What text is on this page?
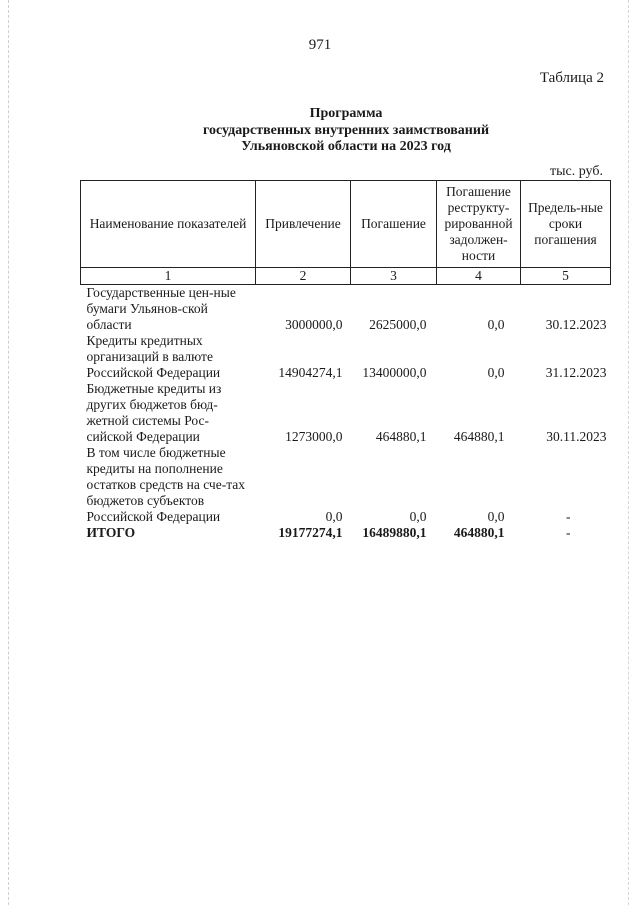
971
Таблица 2
Программа
государственных внутренних заимствований
Ульяновской области на 2023 год
тыс. руб.
Наименование показателей	Привлечение	Погашение	Погашение реструкту-рированной задолжен-ности	Предель-ные сроки погашения
1	2	3	4	5
Государственные цен-ные бумаги Ульянов-ской области	3000000,0	2625000,0	0,0	30.12.2023
Кредиты кредитных организаций в валюте Российской Федерации	14904274,1	13400000,0	0,0	31.12.2023
Бюджетные кредиты из других бюджетов бюд-жетной системы Рос-сийской Федерации	1273000,0	464880,1	464880,1	30.11.2023
В том числе бюджетные кредиты на пополнение остатков средств на сче-тах бюджетов субъектов Российской Федерации	0,0	0,0	0,0	-
ИТОГО	19177274,1	16489880,1	464880,1	-
